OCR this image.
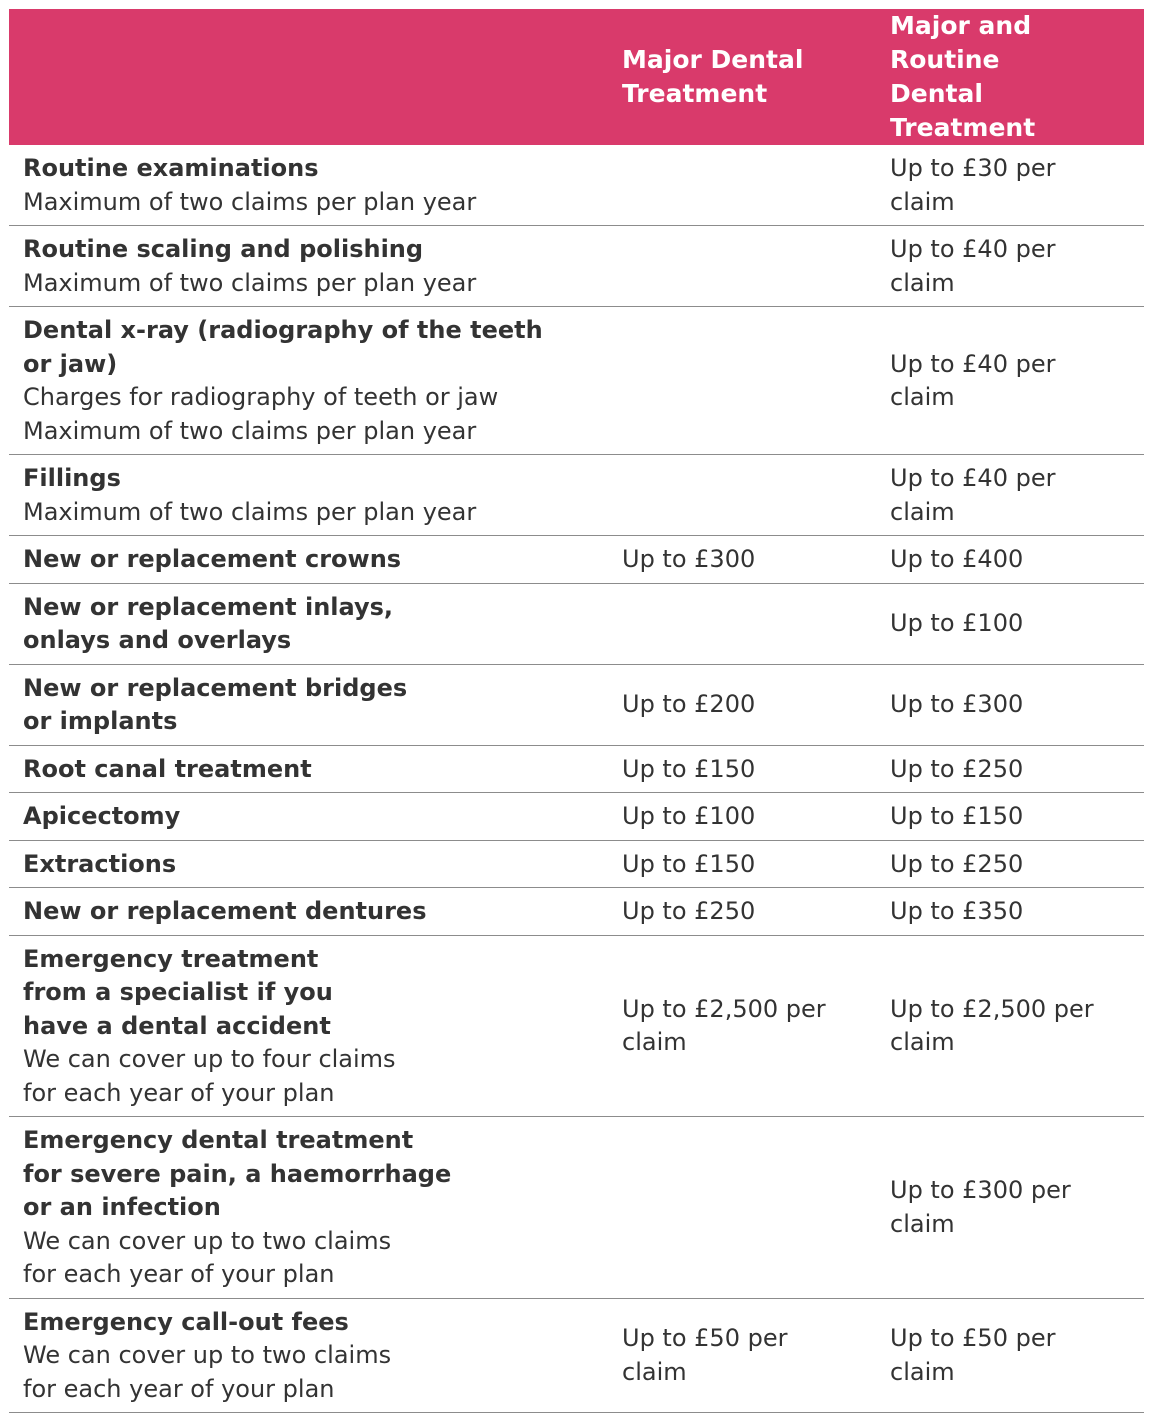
	Major Dental
Treatment	Major and Routine
Dental Treatment

Routine examinations
Maximum of two claims per plan year		Up to £30 per
claim

Routine scaling and polishing
Maximum of two claims per plan year		Up to £40 per
claim

Dental x-ray (radiography of the teeth
or jaw)
Charges for radiography of teeth or jaw
Maximum of two claims per plan year		Up to £40 per
claim

Fillings
Maximum of two claims per plan year		Up to £40 per
claim

New or replacement crowns	Up to £300	Up to £400

New or replacement inlays,
onlays and overlays		Up to £100

New or replacement bridges
or implants	Up to £200	Up to £300

Root canal treatment	Up to £150	Up to £250

Apicectomy	Up to £100	Up to £150

Extractions	Up to £150	Up to £250

New or replacement dentures	Up to £250	Up to £350

Emergency treatment
from a specialist if you
have a dental accident
We can cover up to four claims
for each year of your plan	Up to £2,500 per
claim	Up to £2,500 per
claim

Emergency dental treatment
for severe pain, a haemorrhage
or an infection
We can cover up to two claims
for each year of your plan		Up to £300 per
claim

Emergency call-out fees
We can cover up to two claims
for each year of your plan	Up to £50 per
claim	Up to £50 per
claim
